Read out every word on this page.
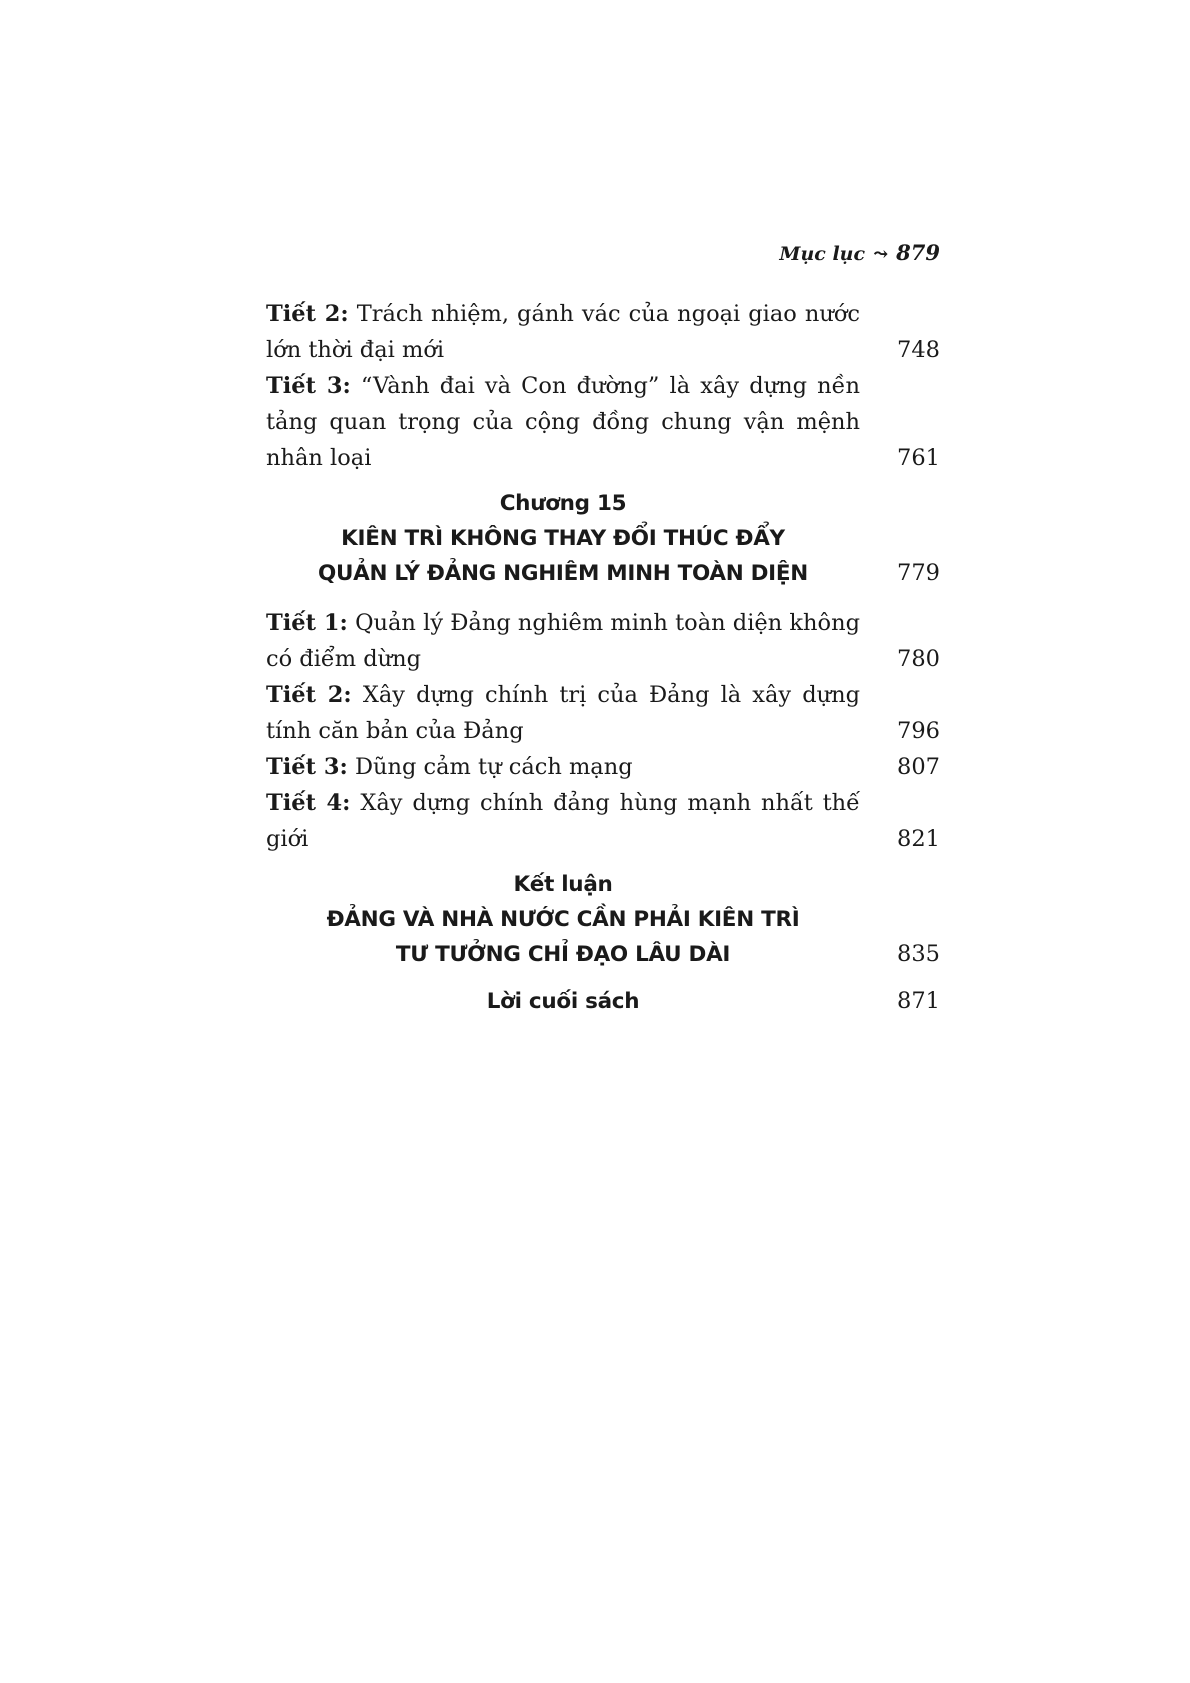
Mục lục ⤳ 879
Tiết 2: Trách nhiệm, gánh vác của ngoại giao nước lớn thời đại mới	748
Tiết 3: “Vành đai và Con đường” là xây dựng nền tảng quan trọng của cộng đồng chung vận mệnh nhân loại	761
Chương 15
KIÊN TRÌ KHÔNG THAY ĐỔI THÚC ĐẨY
QUẢN LÝ ĐẢNG NGHIÊM MINH TOÀN DIỆN	779
Tiết 1: Quản lý Đảng nghiêm minh toàn diện không có điểm dừng	780
Tiết 2: Xây dựng chính trị của Đảng là xây dựng tính căn bản của Đảng	796
Tiết 3: Dũng cảm tự cách mạng	807
Tiết 4: Xây dựng chính đảng hùng mạnh nhất thế giới	821
Kết luận
ĐẢNG VÀ NHÀ NƯỚC CẦN PHẢI KIÊN TRÌ
TƯ TƯỞNG CHỈ ĐẠO LÂU DÀI	835
Lời cuối sách	871
